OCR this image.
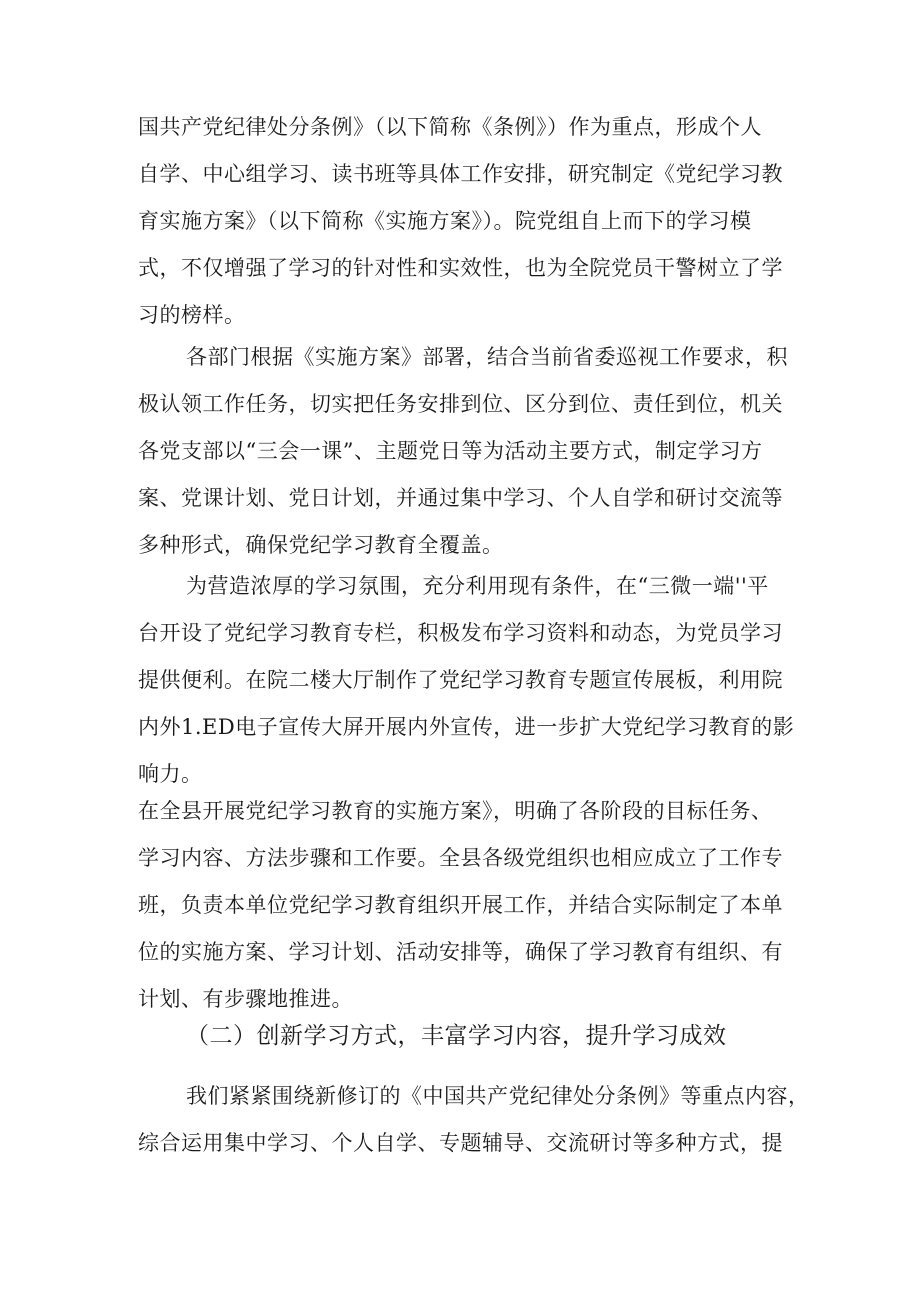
国共产党纪律处分条例》（以下简称《条例》）作为重点，形成个人
自学、中心组学习、读书班等具体工作安排，研究制定《党纪学习教
育实施方案》（以下简称《实施方案》）。院党组自上而下的学习模
式，不仅增强了学习的针对性和实效性，也为全院党员干警树立了学
习的榜样。
各部门根据《实施方案》部署，结合当前省委巡视工作要求，积
极认领工作任务，切实把任务安排到位、区分到位、责任到位，机关
各党支部以“三会一课”、主题党日等为活动主要方式，制定学习方
案、党课计划、党日计划，并通过集中学习、个人自学和研讨交流等
多种形式，确保党纪学习教育全覆盖。
为营造浓厚的学习氛围，充分利用现有条件，在“三微一端''平
台开设了党纪学习教育专栏，积极发布学习资料和动态，为党员学习
提供便利。在院二楼大厅制作了党纪学习教育专题宣传展板，利用院
内外1.ED电子宣传大屏开展内外宣传，进一步扩大党纪学习教育的影
响力。
在全县开展党纪学习教育的实施方案》，明确了各阶段的目标任务、
学习内容、方法步骤和工作要。全县各级党组织也相应成立了工作专
班，负责本单位党纪学习教育组织开展工作，并结合实际制定了本单
位的实施方案、学习计划、活动安排等，确保了学习教育有组织、有
计划、有步骤地推进。
（二）创新学习方式，丰富学习内容，提升学习成效
我们紧紧围绕新修订的《中国共产党纪律处分条例》等重点内容，
综合运用集中学习、个人自学、专题辅导、交流研讨等多种方式，提
